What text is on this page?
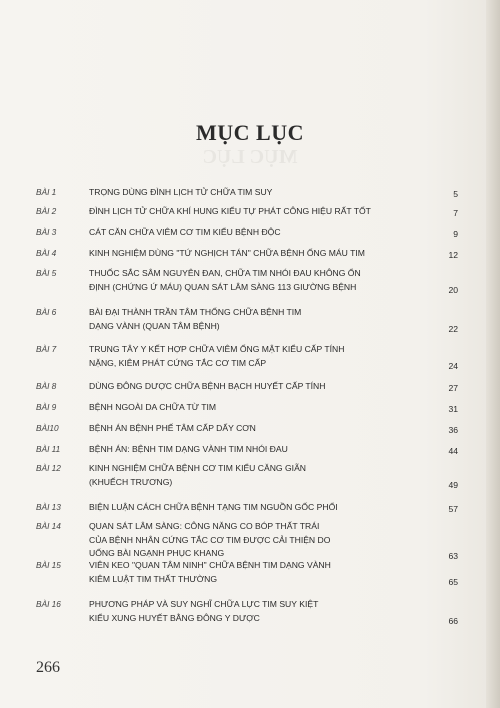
MỤC LỤC
MỤC LỤC
BÀI 1	TRỌNG DÙNG ĐÌNH LỊCH TỬ CHỮA TIM SUY	5
BÀI 2	ĐÌNH LỊCH TỬ CHỮA KHÍ HUNG KIỂU TỰ PHÁT CÔNG HIỆU RẤT TỐT	7
BÀI 3	CÁT CĂN CHỮA VIÊM CƠ TIM KIỂU BỆNH ĐỘC	9
BÀI 4	KINH NGHIỆM DÙNG "TỨ NGHỊCH TÁN" CHỮA BỆNH ỐNG MÁU TIM	12
BÀI 5	THUỐC SẮC SÂM NGUYÊN ĐAN, CHỮA TIM NHÓI ĐAU KHÔNG ỔN
ĐỊNH (CHỨNG Ứ MÁU) QUAN SÁT LÂM SÀNG 113 GIƯỜNG BỆNH	20
BÀI 6	BÀI ĐẠI THÀNH TRẦN TÂM THỐNG CHỮA BỆNH TIM
DẠNG VÀNH (QUAN TÂM BỆNH)	22
BÀI 7	TRUNG TÂY Y KẾT HỢP CHỮA VIÊM ỐNG MẬT KIỂU CẤP TÍNH
NẶNG, KIÊM PHÁT CỨNG TẮC CƠ TIM CẤP	24
BÀI 8	DÙNG ĐÔNG DƯỢC CHỮA BỆNH BẠCH HUYẾT CẤP TÍNH	27
BÀI 9	BỆNH NGOÀI DA CHỮA TỪ TIM	31
BÀI10	BỆNH ÁN BỆNH PHẾ TÂM CẤP DẤY CƠN	36
BÀI 11	BỆNH ÁN: BỆNH TIM DẠNG VÀNH TIM NHÓI ĐAU	44
BÀI 12	KINH NGHIỆM CHỮA BỆNH CƠ TIM KIỂU CĂNG GIÃN
(KHUẾCH TRƯƠNG)	49
BÀI 13	BIỆN LUẬN CÁCH CHỮA BỆNH TẠNG TIM NGUỒN GỐC PHỔI	57
BÀI 14	QUAN SÁT LÂM SÀNG: CÔNG NĂNG CO BÓP THẤT TRÁI
CỦA BỆNH NHÂN CỨNG TẮC CƠ TIM ĐƯỢC CẢI THIỆN DO
UỐNG BÀI NGẠNH PHỤC KHANG	63
BÀI 15	VIÊN KEO "QUAN TÂM NINH" CHỮA BỆNH TIM DẠNG VÀNH
KIÊM LUẬT TIM THẤT THƯỜNG	65
BÀI 16	PHƯƠNG PHÁP VÀ SUY NGHĨ CHỮA LỰC TIM SUY KIỆT
KIỂU XUNG HUYẾT BẰNG ĐÔNG Y DƯỢC	66
266
